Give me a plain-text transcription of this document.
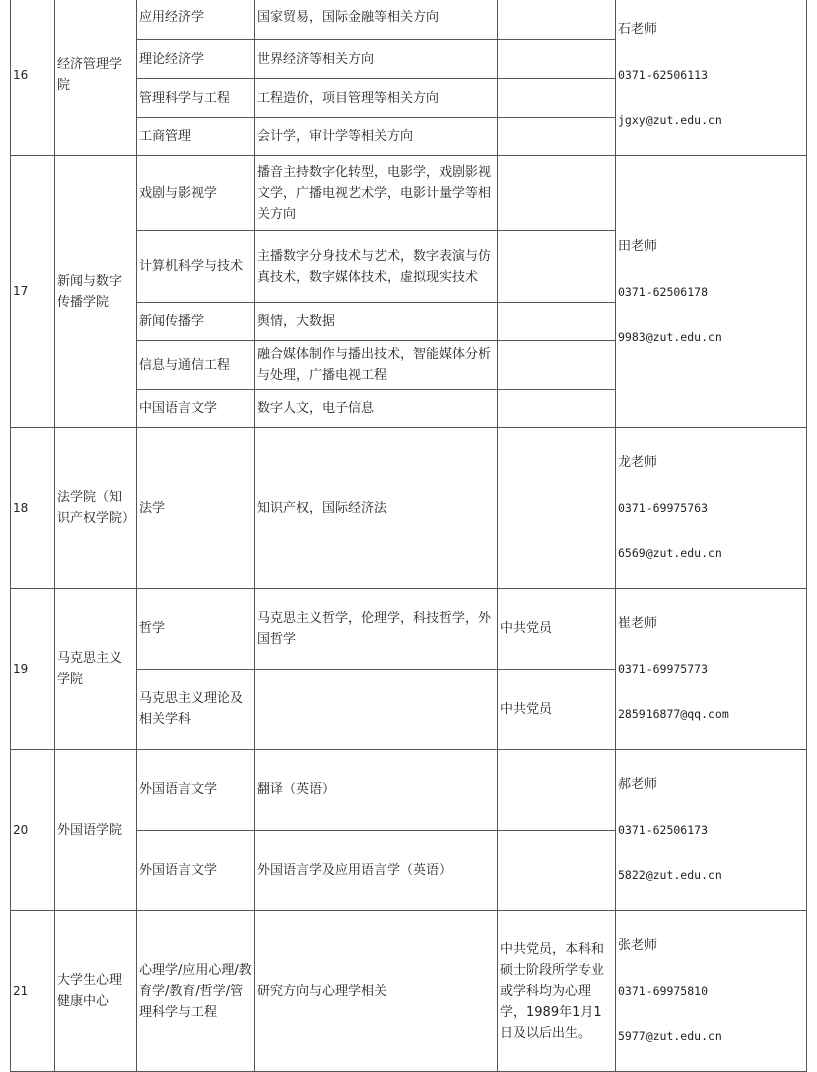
16	经济管理学院	应用经济学	国家贸易，国际金融等相关方向		石老师

0371-62506113

jgxy@zut.edu.cn

		理论经济学	世界经济等相关方向		
		管理科学与工程	工程造价，项目管理等相关方向		
		工商管理	会计学，审计学等相关方向		
17	新闻与数字传播学院	戏剧与影视学	播音主持数字化转型，电影学，戏剧影视文学，广播电视艺术学，电影计量学等相关方向		田老师

0371-62506178

9983@zut.edu.cn

		计算机科学与技术	主播数字分身技术与艺术，数字表演与仿真技术，数字媒体技术，虚拟现实技术		
		新闻传播学	舆情，大数据		
		信息与通信工程	融合媒体制作与播出技术，智能媒体分析与处理，广播电视工程		
		中国语言文学	数字人文，电子信息		
18	法学院（知识产权学院）	法学	知识产权，国际经济法		龙老师

0371-69975763

6569@zut.edu.cn

19	马克思主义学院	哲学	马克思主义哲学，伦理学，科技哲学，外国哲学	中共党员	崔老师

0371-69975773

285916877@qq.com

		马克思主义理论及相关学科		中共党员	
20	外国语学院	外国语言文学	翻译（英语）		郝老师

0371-62506173

5822@zut.edu.cn

		外国语言文学	外国语言学及应用语言学（英语）		
21	大学生心理健康中心	心理学/应用心理/教育学/教育/哲学/管理科学与工程	研究方向与心理学相关	中共党员，本科和硕士阶段所学专业或学科均为心理学，1989年1月1日及以后出生。	张老师

0371-69975810

5977@zut.edu.cn
